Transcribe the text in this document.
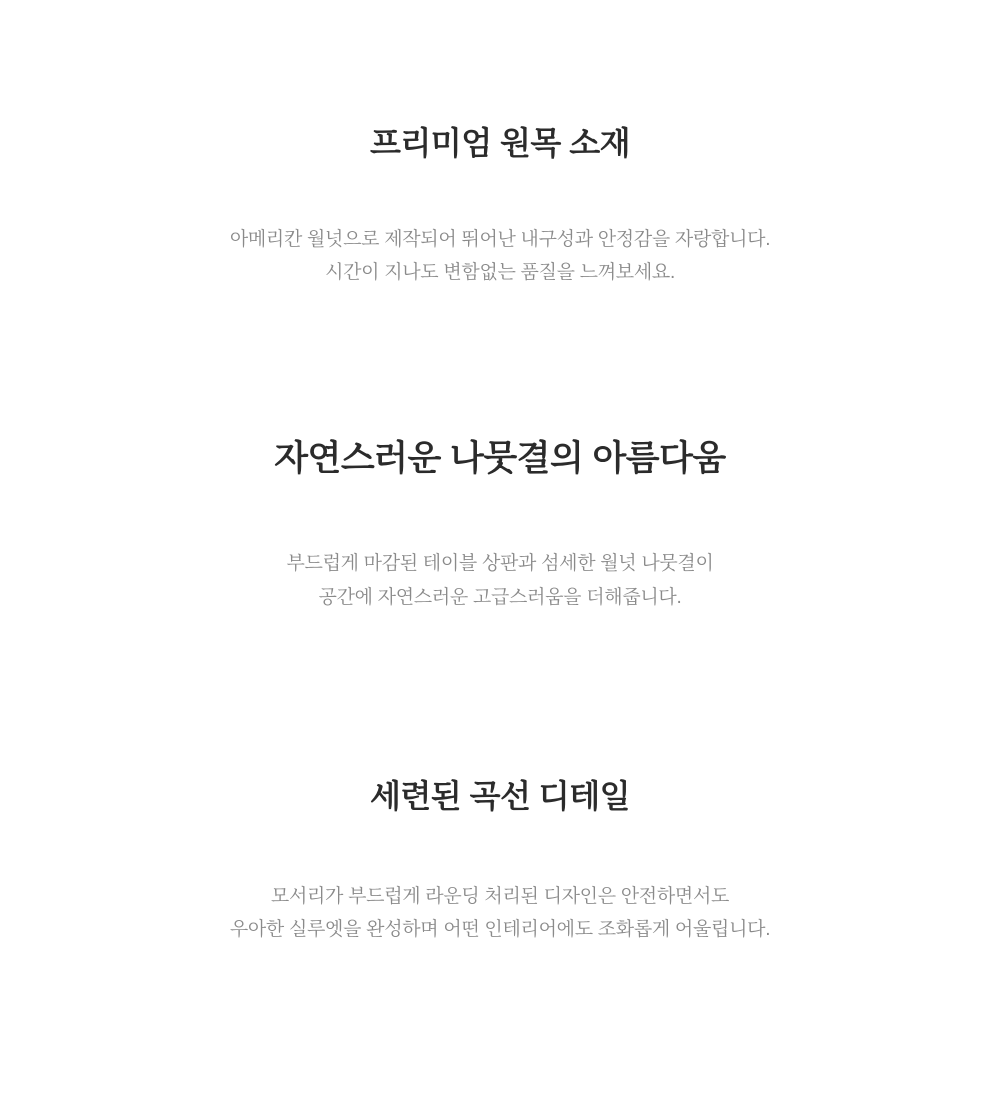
프리미엄 원목 소재

아메리칸 월넛으로 제작되어 뛰어난 내구성과 안정감을 자랑합니다.
시간이 지나도 변함없는 품질을 느껴보세요.

자연스러운 나뭇결의 아름다움

부드럽게 마감된 테이블 상판과 섬세한 월넛 나뭇결이
공간에 자연스러운 고급스러움을 더해줍니다.

세련된 곡선 디테일

모서리가 부드럽게 라운딩 처리된 디자인은 안전하면서도
우아한 실루엣을 완성하며 어떤 인테리어에도 조화롭게 어울립니다.
